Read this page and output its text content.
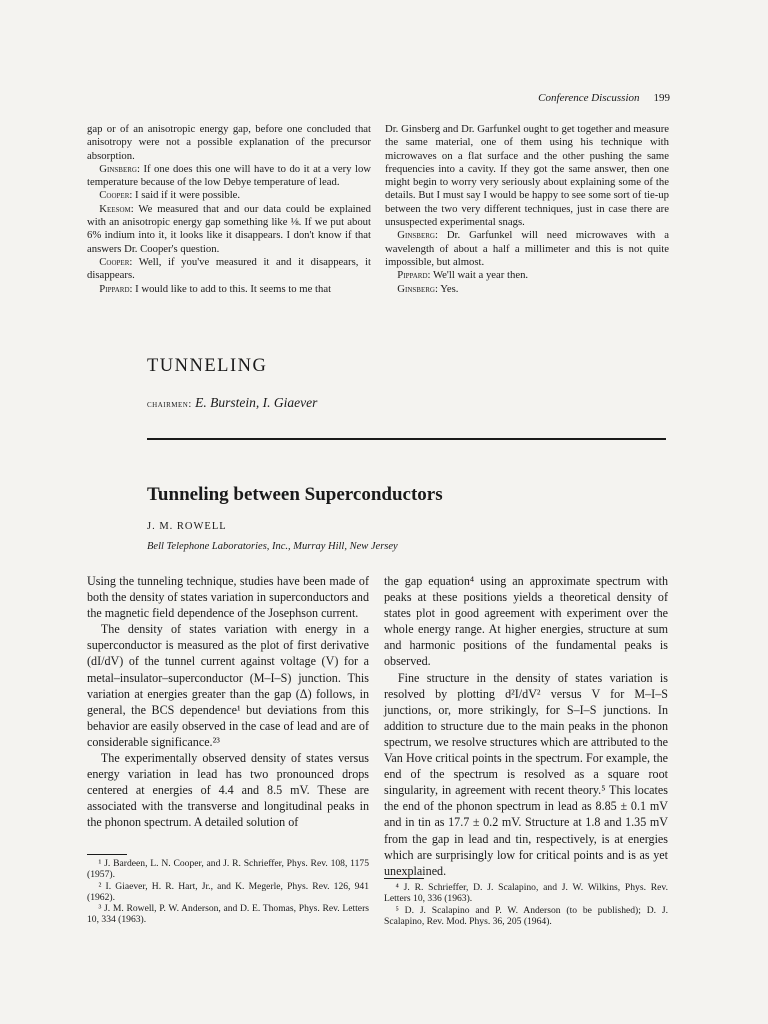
Conference Discussion 199

gap or of an anisotropic energy gap, before one concluded that anisotropy were not a possible explanation of the precursor absorption.

Ginsberg: If one does this one will have to do it at a very low temperature because of the low Debye temperature of lead.

Cooper: I said if it were possible.

Keesom: We measured that and our data could be explained with an anisotropic energy gap something like ⅛. If we put about 6% indium into it, it looks like it disappears. I don't know if that answers Dr. Cooper's question.

Cooper: Well, if you've measured it and it disappears, it disappears.

Pippard: I would like to add to this. It seems to me that

Dr. Ginsberg and Dr. Garfunkel ought to get together and measure the same material, one of them using his technique with microwaves on a flat surface and the other pushing the same frequencies into a cavity. If they got the same answer, then one might begin to worry very seriously about explaining some of the details. But I must say I would be happy to see some sort of tie-up between the two very different techniques, just in case there are unsuspected experimental snags.

Ginsberg: Dr. Garfunkel will need microwaves with a wavelength of about a half a millimeter and this is not quite impossible, but almost.

Pippard: We'll wait a year then.

Ginsberg: Yes.

TUNNELING
chairmen: E. Burstein, I. Giaever
Tunneling between Superconductors
J. M. ROWELL
Bell Telephone Laboratories, Inc., Murray Hill, New Jersey

Using the tunneling technique, studies have been made of both the density of states variation in superconductors and the magnetic field dependence of the Josephson current.

The density of states variation with energy in a superconductor is measured as the plot of first derivative (dI/dV) of the tunnel current against voltage (V) for a metal–insulator–superconductor (M–I–S) junction. This variation at energies greater than the gap (Δ) follows, in general, the BCS dependence¹ but deviations from this behavior are easily observed in the case of lead and are of considerable significance.²³

The experimentally observed density of states versus energy variation in lead has two pronounced drops centered at energies of 4.4 and 8.5 mV. These are associated with the transverse and longitudinal peaks in the phonon spectrum. A detailed solution of

the gap equation⁴ using an approximate spectrum with peaks at these positions yields a theoretical density of states plot in good agreement with experiment over the whole energy range. At higher energies, structure at sum and harmonic positions of the fundamental peaks is observed.

Fine structure in the density of states variation is resolved by plotting d²I/dV² versus V for M–I–S junctions, or, more strikingly, for S–I–S junctions. In addition to structure due to the main peaks in the phonon spectrum, we resolve structures which are attributed to the Van Hove critical points in the spectrum. For example, the end of the spectrum is resolved as a square root singularity, in agreement with recent theory.⁵ This locates the end of the phonon spectrum in lead as 8.85 ± 0.1 mV and in tin as 17.7 ± 0.2 mV. Structure at 1.8 and 1.35 mV from the gap in lead and tin, respectively, is at energies which are surprisingly low for critical points and is as yet unexplained.

¹ J. Bardeen, L. N. Cooper, and J. R. Schrieffer, Phys. Rev. 108, 1175 (1957).

² I. Giaever, H. R. Hart, Jr., and K. Megerle, Phys. Rev. 126, 941 (1962).

³ J. M. Rowell, P. W. Anderson, and D. E. Thomas, Phys. Rev. Letters 10, 334 (1963).

⁴ J. R. Schrieffer, D. J. Scalapino, and J. W. Wilkins, Phys. Rev. Letters 10, 336 (1963).

⁵ D. J. Scalapino and P. W. Anderson (to be published); D. J. Scalapino, Rev. Mod. Phys. 36, 205 (1964).
